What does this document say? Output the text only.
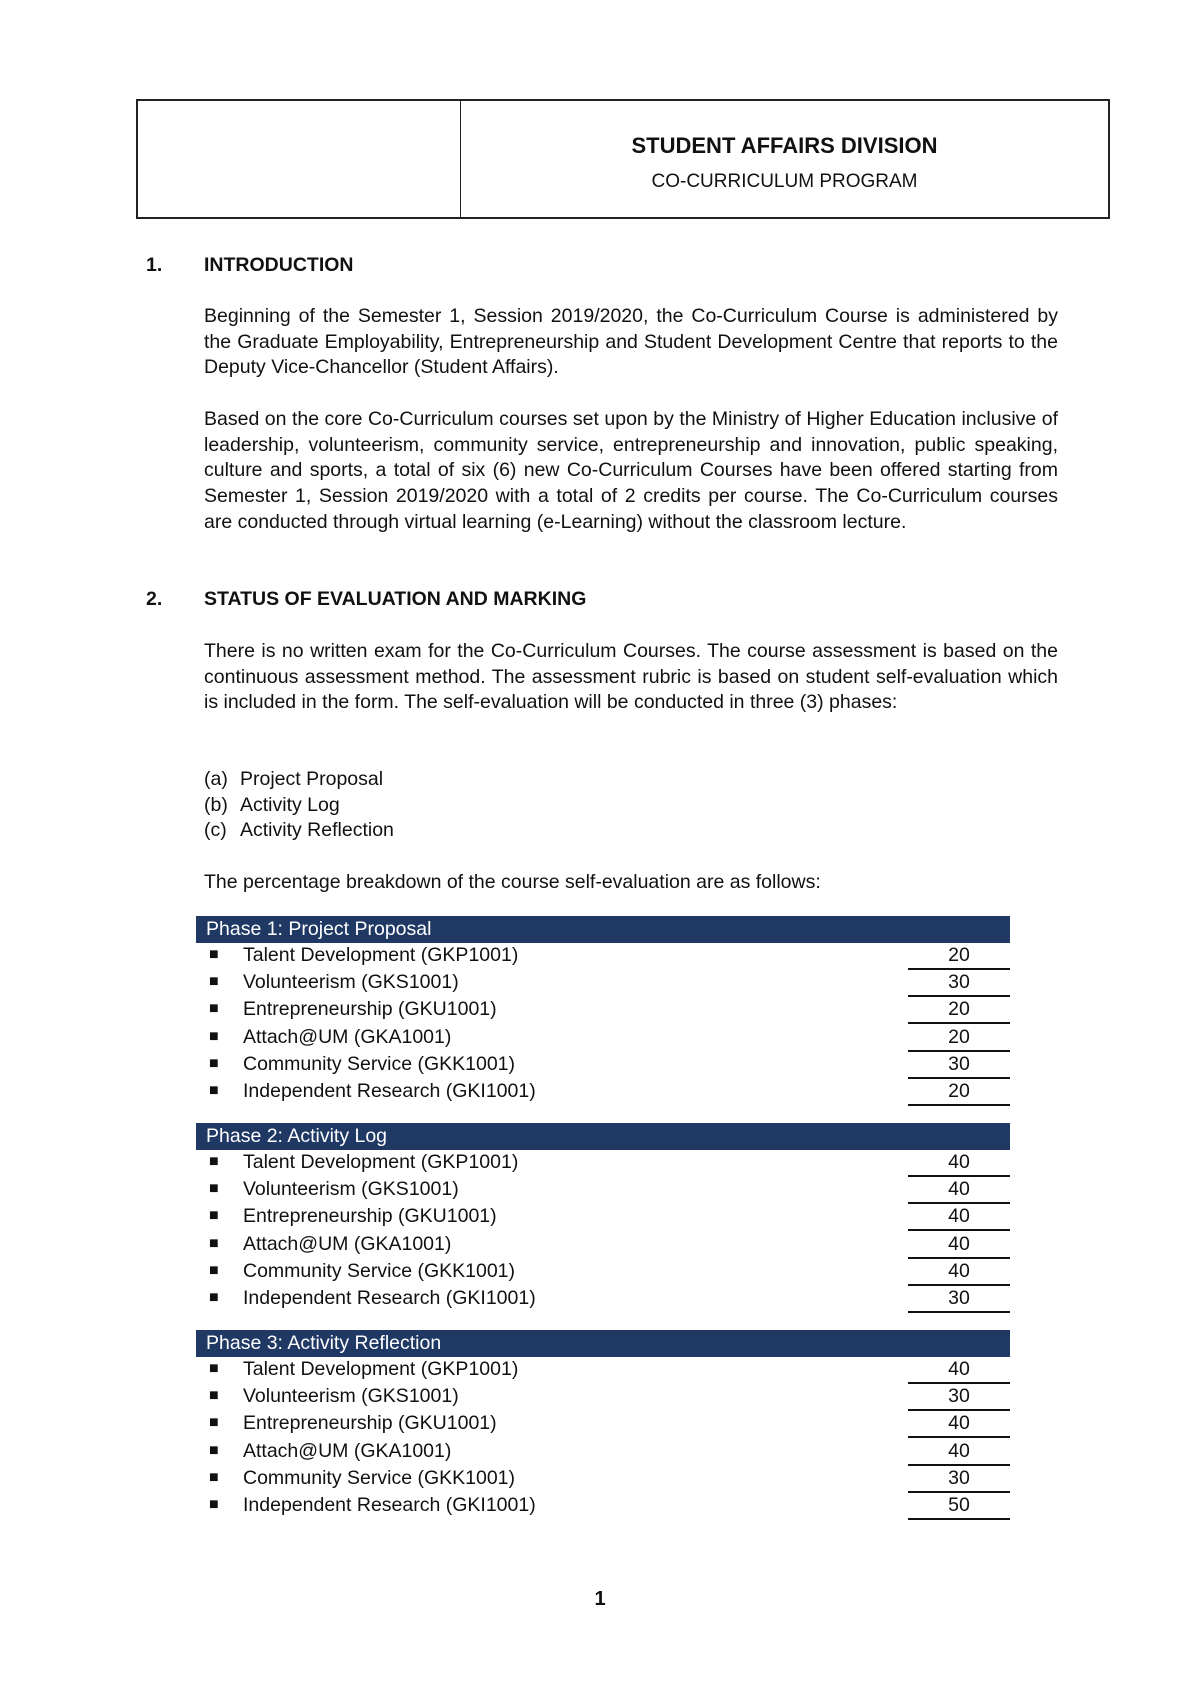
STUDENT AFFAIRS DIVISION
CO-CURRICULUM PROGRAM
1. INTRODUCTION
Beginning of the Semester 1, Session 2019/2020, the Co-Curriculum Course is administered by the Graduate Employability, Entrepreneurship and Student Development Centre that reports to the Deputy Vice-Chancellor (Student Affairs).
Based on the core Co-Curriculum courses set upon by the Ministry of Higher Education inclusive of leadership, volunteerism, community service, entrepreneurship and innovation, public speaking, culture and sports, a total of six (6) new Co-Curriculum Courses have been offered starting from Semester 1, Session 2019/2020 with a total of 2 credits per course. The Co-Curriculum courses are conducted through virtual learning (e-Learning) without the classroom lecture.
2. STATUS OF EVALUATION AND MARKING
There is no written exam for the Co-Curriculum Courses. The course assessment is based on the continuous assessment method. The assessment rubric is based on student self-evaluation which is included in the form. The self-evaluation will be conducted in three (3) phases:
(a) Project Proposal
(b) Activity Log
(c) Activity Reflection
The percentage breakdown of the course self-evaluation are as follows:
Phase 1: Project Proposal
■ Talent Development (GKP1001)	20
■ Volunteerism (GKS1001)	30
■ Entrepreneurship (GKU1001)	20
■ Attach@UM (GKA1001)	20
■ Community Service (GKK1001)	30
■ Independent Research (GKI1001)	20
Phase 2: Activity Log
■ Talent Development (GKP1001)	40
■ Volunteerism (GKS1001)	40
■ Entrepreneurship (GKU1001)	40
■ Attach@UM (GKA1001)	40
■ Community Service (GKK1001)	40
■ Independent Research (GKI1001)	30
Phase 3: Activity Reflection
■ Talent Development (GKP1001)	40
■ Volunteerism (GKS1001)	30
■ Entrepreneurship (GKU1001)	40
■ Attach@UM (GKA1001)	40
■ Community Service (GKK1001)	30
■ Independent Research (GKI1001)	50
1
